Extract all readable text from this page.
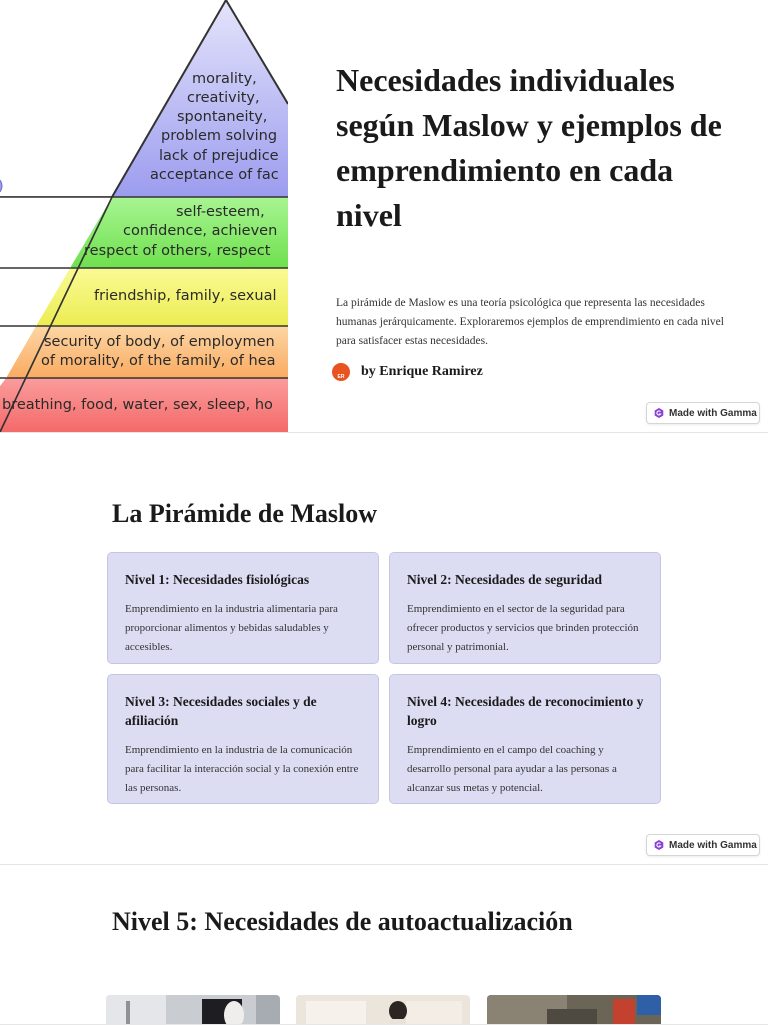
morality,
creativity,
spontaneity,
problem solving
lack of prejudice
acceptance of fac
self-esteem,
confidence, achieven
respect of others, respect
friendship, family, sexual
security of body, of employmen
of morality, of the family, of hea
breathing, food, water, sex, sleep, ho
Necesidades individuales según Maslow y ejemplos de emprendimiento en cada nivel

La pirámide de Maslow es una teoría psicológica que representa las necesidades humanas jerárquicamente. Exploraremos ejemplos de emprendimiento en cada nivel para satisfacer estas necesidades.

ER	by Enrique Ramirez
Made with Gamma
La Pirámide de Maslow
Nivel 1: Necesidades fisiológicas

Emprendimiento en la industria alimentaria para proporcionar alimentos y bebidas saludables y accesibles.

Nivel 2: Necesidades de seguridad

Emprendimiento en el sector de la seguridad para ofrecer productos y servicios que brinden protección personal y patrimonial.

Nivel 3: Necesidades sociales y de afiliación

Emprendimiento en la industria de la comunicación para facilitar la interacción social y la conexión entre las personas.

Nivel 4: Necesidades de reconocimiento y logro

Emprendimiento en el campo del coaching y desarrollo personal para ayudar a las personas a alcanzar sus metas y potencial.

Made with Gamma
Nivel 5: Necesidades de autoactualización
